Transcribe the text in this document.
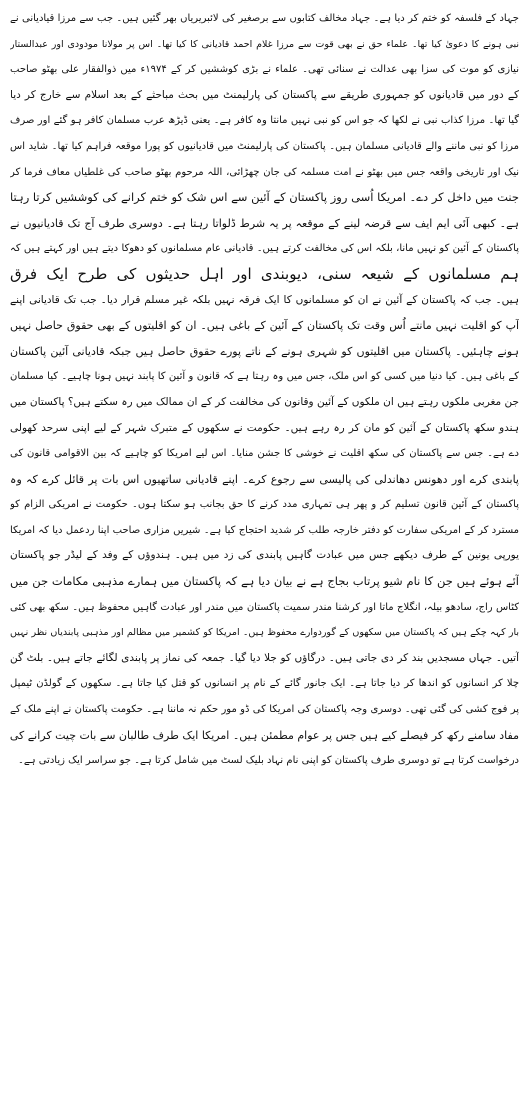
جہاد کے فلسفہ کو ختم کر دیا ہے۔ جہاد مخالف کتابوں سے برصغیر کی لائبریریاں بھر گئیں ہیں۔ جب سے مرزا قیادیانی نے
نبی ہونے کا دعویٰ کیا تھا۔ علماء حق نے بھی قوت سے مرزا غلام احمد قادیانی کا کیا تھا۔ اس پر مولانا مودودی اور عبدالستار
نیازی کو موت کی سزا بھی عدالت نے سنائی تھی۔ علماء نے بڑی کوششیں کر کے ۱۹۷۴ء میں ذوالفقار علی بھٹو صاحب
کے دور میں قادیانوں کو جمہوری طریقے سے پاکستان کی پارلیمنٹ میں بحث مباحثے کے بعد اسلام سے خارج کر دیا
گیا تھا۔ مرزا کذاب نبی نے لکھا کہ جو اس کو نبی نہیں مانتا وہ کافر ہے۔ یعنی ڈیڑھ عرب مسلمان کافر ہو گئے اور صرف
مرزا کو نبی ماننے والے قادیانی مسلمان ہیں۔ پاکستان کی پارلیمنٹ میں قادیانیوں کو پورا موقعہ فراہم کیا تھا۔ شاید اس
نیک اور تاریخی واقعہ جس میں بھٹو نے امت مسلمہ کی جان چھڑائی، اللہ مرحوم بھٹو صاحب کی غلطیاں معاف فرما کر
جنت میں داخل کر دے۔ امریکا اُسی روز پاکستان کے آئین سے اس شک کو ختم کرانے کی کوششیں کرتا رہتا
ہے۔ کبھی آئی ایم ایف سے قرضہ لینے کے موقعہ پر یہ شرط ڈلواتا رہتا ہے۔ دوسری طرف آج تک قادیانیوں نے
پاکستان کے آئین کو نہیں مانا، بلکہ اس کی مخالفت کرتے ہیں۔ قادیانی عام مسلمانوں کو دھوکا دیتے ہیں اور کہتے ہیں کہ
ہم مسلمانوں کے شیعہ سنی، دیوبندی اور اہل حدیثوں کی طرح ایک فرق
ہیں۔ جب کہ پاکستان کے آئین نے ان کو مسلمانوں کا ایک فرقہ نہیں بلکہ غیر مسلم قرار دیا۔ جب تک قادیانی اپنے
آپ کو اقلیت نہیں مانتے اُس وقت تک پاکستان کے آئین کے باغی ہیں۔ ان کو اقلیتوں کے بھی حقوق حاصل نہیں
ہونے چاہئیں۔ پاکستان میں اقلیتوں کو شہری ہونے کے ناتے پورے حقوق حاصل ہیں جبکہ قادیانی آئین پاکستان
کے باغی ہیں۔ کیا دنیا میں کسی کو اس ملک، جس میں وہ رہتا ہے کہ قانون و آئین کا پابند نہیں ہونا چاہیے۔ کیا مسلمان
جن مغربی ملکوں رہتے ہیں ان ملکوں کے آئین وقانون کی مخالفت کر کے ان ممالک میں رہ سکتے ہیں؟ پاکستان میں
ہندو سکھ پاکستان کے آئین کو مان کر رہ رہے ہیں۔ حکومت نے سکھوں کے متبرک شہر کے لیے اپنی سرحد کھولی
دے ہے۔ جس سے پاکستان کی سکھ اقلیت نے خوشی کا جشن منایا۔ اس لیے امریکا کو چاہیے کہ بین الاقوامی قانون کی
پابندی کرے اور دھونس دھاندلی کی پالیسی سے رجوع کرے۔ اپنے قادیانی ساتھیوں اس بات پر قائل کرے کہ وہ
پاکستان کے آئین قانون تسلیم کر و پھر ہی تمہاری مدد کرنے کا حق بجانب ہو سکتا ہوں۔ حکومت نے امریکی الزام کو
مسترد کر کے امریکی سفارت کو دفتر خارجہ طلب کر شدید احتجاج کیا ہے۔ شیریں مزاری صاحب اپنا ردعمل دیا کہ امریکا
یورپی یونین کے طرف دیکھے جس میں عبادت گاہیں پابندی کی زد میں ہیں۔ ہندوؤں کے وفد کے لیڈر جو پاکستان
آئے ہوئے ہیں جن کا نام شیو پرتاب بجاج ہے نے بیان دیا ہے کہ پاکستان میں ہمارے مذہبی مکامات جن میں
کٹاس راج، سادھو بیلہ، انگلاج ماتا اور کرشنا مندر سمیت پاکستان میں مندر اور عبادت گاہیں محفوظ ہیں۔ سکھ بھی کئی
بار کہہ چکے ہیں کہ پاکستان میں سکھوں کے گوردوارے محفوظ ہیں۔ امریکا کو کشمیر میں مظالم اور مذہبی پابندیاں نظر نہیں
آتیں۔ جہاں مسجدیں بند کر دی جاتی ہیں۔ درگاؤں کو جلا دیا گیا۔ جمعہ کی نماز پر پابندی لگائے جاتے ہیں۔ بلٹ گن
چلا کر انسانوں کو اندھا کر دیا جاتا ہے۔ ایک جانور گائے کے نام پر انسانوں کو قتل کیا جاتا ہے۔ سکھوں کے گولڈن ٹیمپل
پر فوج کشی کی گئی تھی۔ دوسری وجہ پاکستان کی امریکا کی ڈو مور حکم نہ ماننا ہے۔ حکومت پاکستان نے اپنے ملک کے
مفاد سامنے رکھ کر فیصلے کیے ہیں جس پر عوام مطمئن ہیں۔ امریکا ایک طرف طالبان سے بات چیت کرانے کی
درخواست کرتا ہے تو دوسری طرف پاکستان کو اپنی نام نہاد بلیک لسٹ میں شامل کرتا ہے۔ جو سراسر ایک زیادتی ہے۔
